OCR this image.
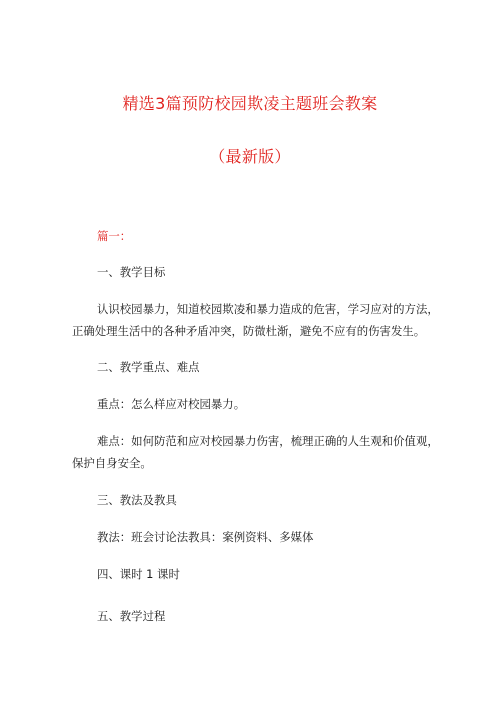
精选3篇预防校园欺凌主题班会教案
（最新版）
篇一：
一、教学目标
认识校园暴力，知道校园欺凌和暴力造成的危害，学习应对的方法，
正确处理生活中的各种矛盾冲突，防微杜渐，避免不应有的伤害发生。
二、教学重点、难点
重点：怎么样应对校园暴力。
难点：如何防范和应对校园暴力伤害，梳理正确的人生观和价值观，
保护自身安全。
三、教法及教具
教法：班会讨论法教具：案例资料、多媒体
四、课时 1 课时
五、教学过程
